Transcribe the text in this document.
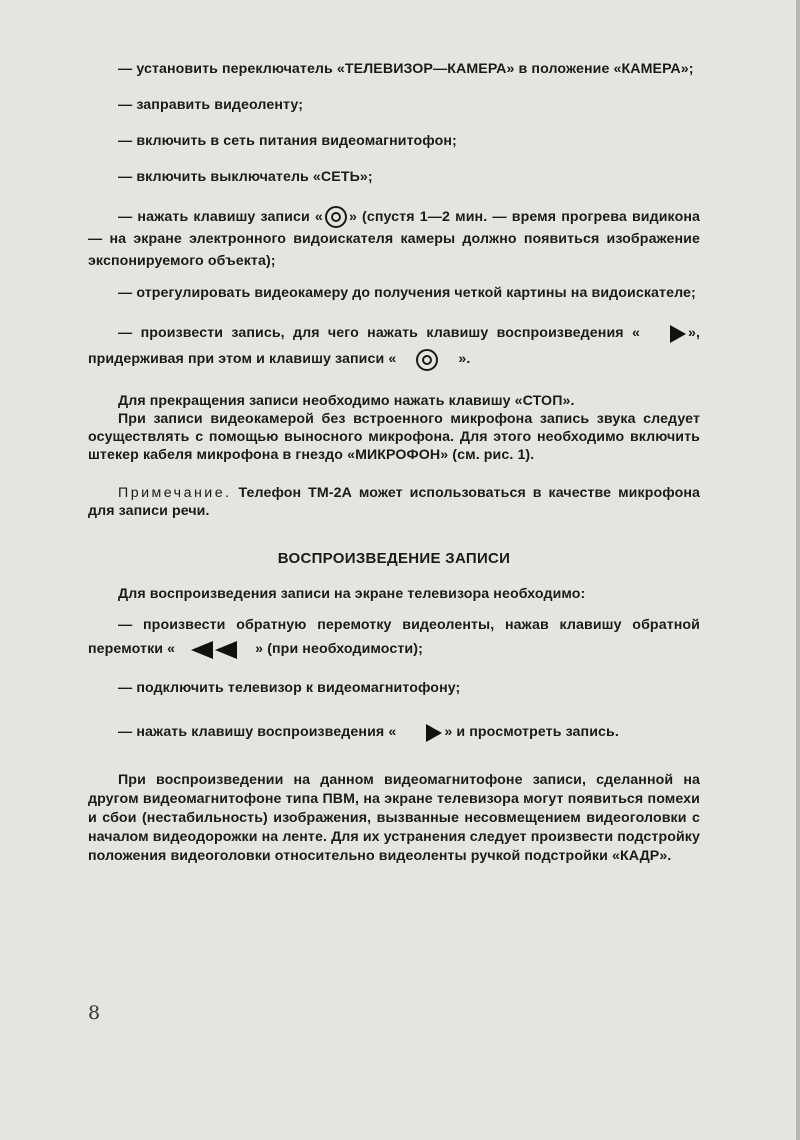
— установить переключатель «ТЕЛЕВИЗОР—КАМЕРА» в положение «КАМЕРА»;

— заправить видеоленту;

— включить в сеть питания видеомагнитофон;

— включить выключатель «СЕТЬ»;

— нажать клавишу записи « » (спустя 1—2 мин. — время прогрева видикона — на экране электронного видоискателя камеры должно появиться изображение экспонируемого объекта);

— отрегулировать видеокамеру до получения четкой картины на видоискателе;

— произвести запись, для чего нажать клавишу воспроизведения «	», придерживая при этом и клавишу записи «	».

Для прекращения записи необходимо нажать клавишу «СТОП».

При записи видеокамерой без встроенного микрофона запись звука следует осуществлять с помощью выносного микрофона. Для этого необходимо включить штекер кабеля микрофона в гнездо «МИКРОФОН» (см. рис. 1).

Примечание. Телефон ТМ-2А может использоваться в качестве микрофона для записи речи.

ВОСПРОИЗВЕДЕНИЕ ЗАПИСИ

Для воспроизведения записи на экране телевизора необходимо:

— произвести обратную перемотку видеоленты, нажав клавишу обратной перемотки «	» (при необходимости);

— подключить телевизор к видеомагнитофону;

— нажать клавишу воспроизведения «	» и просмотреть запись.

При воспроизведении на данном видеомагнитофоне записи, сделанной на другом видеомагнитофоне типа ПВМ, на экране телевизора могут появиться помехи и сбои (нестабильность) изображения, вызванные несовмещением видеоголовки с началом видеодорожки на ленте. Для их устранения следует произвести подстройку положения видеоголовки относительно видеоленты ручкой подстройки «КАДР».

8
